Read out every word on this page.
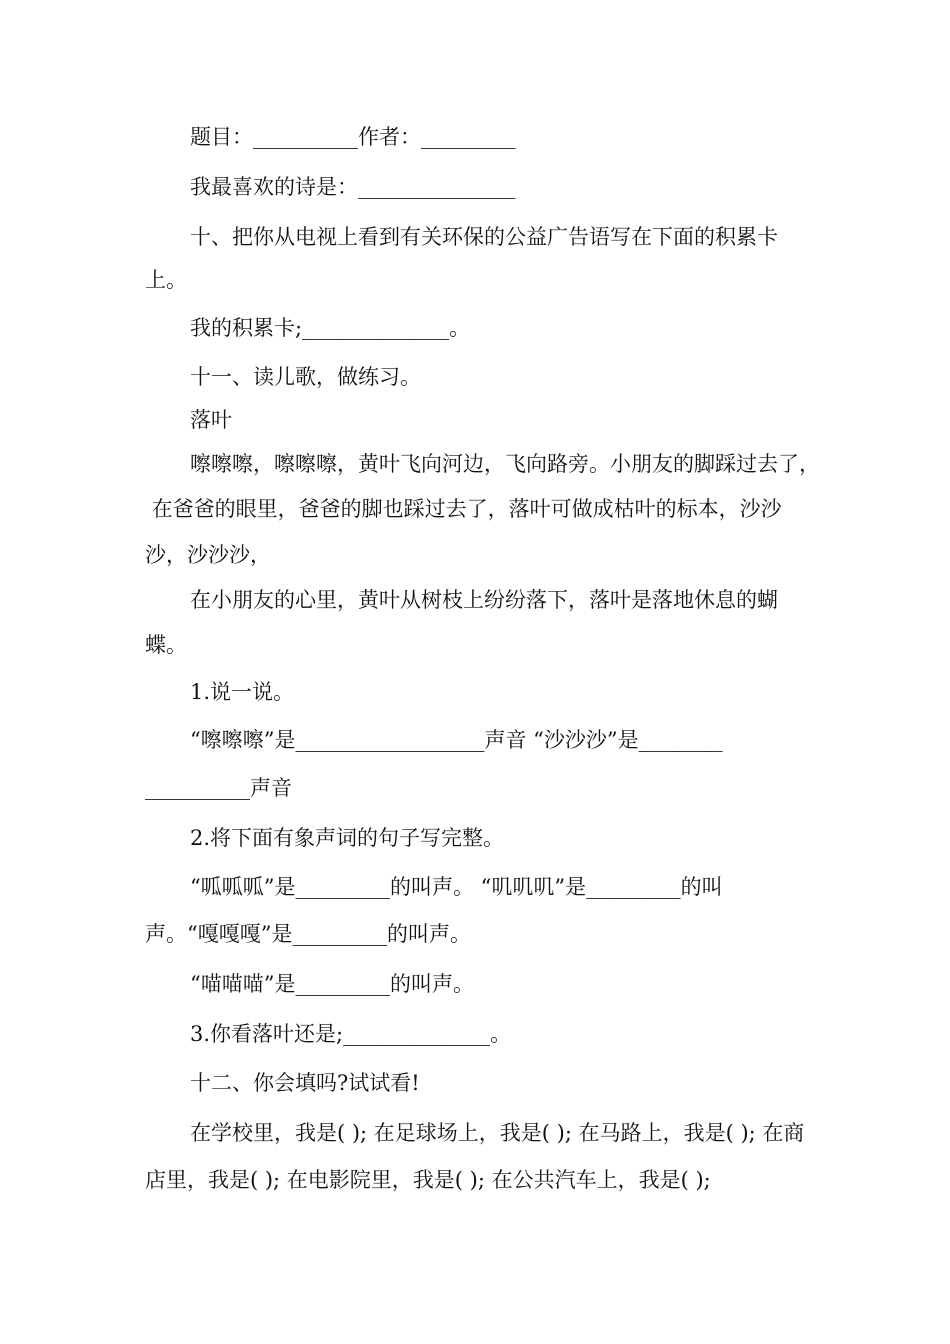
题目：__________作者：_________
我最喜欢的诗是：_______________
十、把你从电视上看到有关环保的公益广告语写在下面的积累卡
上。
我的积累卡;______________。
十一、读儿歌，做练习。
落叶
嚓嚓嚓，嚓嚓嚓，黄叶飞向河边，飞向路旁。小朋友的脚踩过去了，
在爸爸的眼里，爸爸的脚也踩过去了，落叶可做成枯叶的标本，沙沙
沙，沙沙沙，
在小朋友的心里，黄叶从树枝上纷纷落下，落叶是落地休息的蝴
蝶。
1.说一说。
“嚓嚓嚓”是__________________声音 “沙沙沙”是________
__________声音
2.将下面有象声词的句子写完整。
“呱呱呱”是_________的叫声。 “叽叽叽”是_________的叫
声。“嘎嘎嘎”是_________的叫声。
“喵喵喵”是_________的叫声。
3.你看落叶还是;______________。
十二、你会填吗?试试看!
在学校里，我是( ); 在足球场上，我是( ); 在马路上，我是( ); 在商
店里，我是( ); 在电影院里，我是( ); 在公共汽车上，我是( );
